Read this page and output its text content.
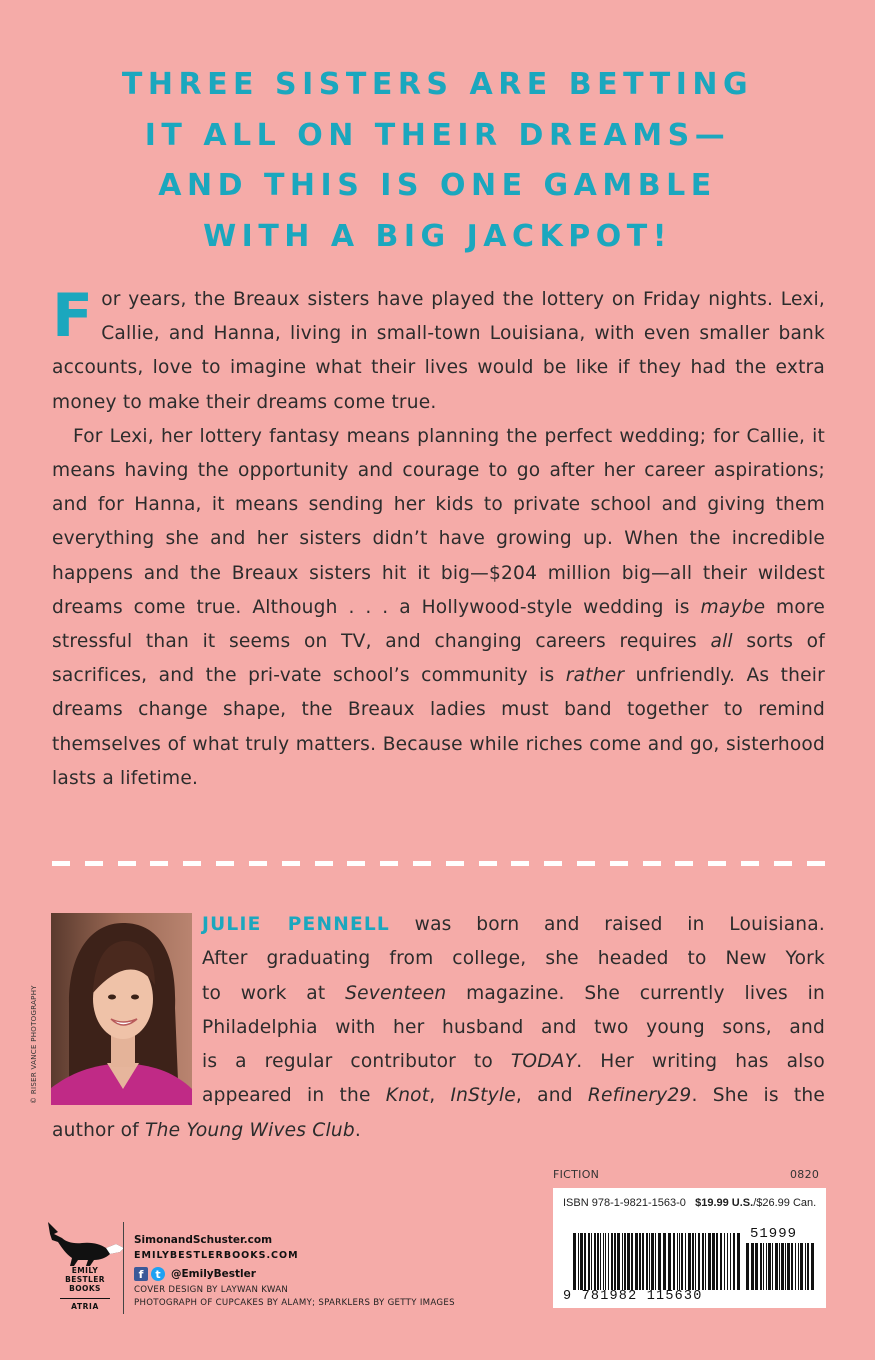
THREE SISTERS ARE BETTING
IT ALL ON THEIR DREAMS—
AND THIS IS ONE GAMBLE
WITH A BIG JACKPOT!

For years, the Breaux sisters have played the lottery on Friday nights. Lexi, Callie, and Hanna, living in small-town Louisiana, with even smaller bank accounts, love to imagine what their lives would be like if they had the extra money to make their dreams come true.

For Lexi, her lottery fantasy means planning the perfect wedding; for Callie, it means having the opportunity and courage to go after her career aspirations; and for Hanna, it means sending her kids to private school and giving them everything she and her sisters didn’t have growing up. When the incredible happens and the Breaux sisters hit it big—$204 million big—all their wildest dreams come true. Although . . . a Hollywood-style wedding is maybe more stressful than it seems on TV, and changing careers requires all sorts of sacrifices, and the pri-vate school’s community is rather unfriendly. As their dreams change shape, the Breaux ladies must band together to remind themselves of what truly matters. Because while riches come and go, sisterhood lasts a lifetime.

© RISER VANCE PHOTOGRAPHY
JULIE PENNELL was born and raised in Louisiana.
After graduating from college, she headed to New York
to work at Seventeen magazine. She currently lives in
Philadelphia with her husband and two young sons, and
is a regular contributor to TODAY. Her writing has also
appeared in the Knot, InStyle, and Refinery29. She is the
author of The Young Wives Club.
FICTION	0820
ISBN 978-1-9821-1563-0 $19.99 U.S./$26.99 Can.
51999
9 781982 115630
EMILY
BESTLER
BOOKS
ATRIA
SimonandSchuster.com
EMILYBESTLERBOOKS.COM
f	t @EmilyBestler
COVER DESIGN BY LAYWAN KWAN
PHOTOGRAPH OF CUPCAKES BY ALAMY; SPARKLERS BY GETTY IMAGES
